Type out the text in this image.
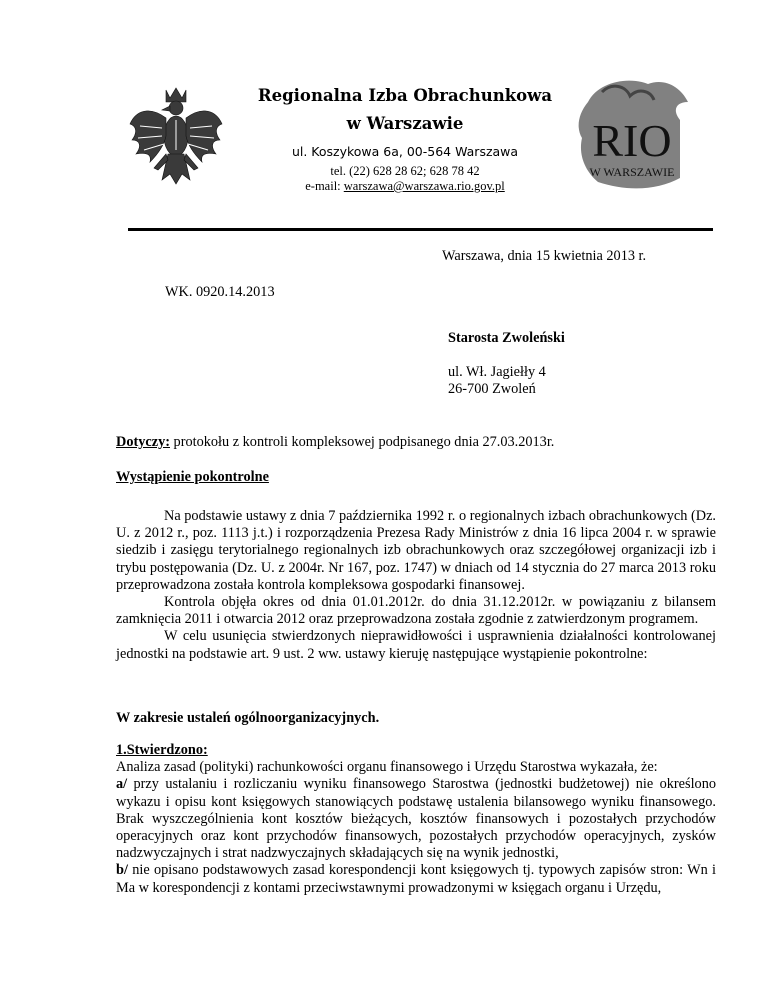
Regionalna Izba Obrachunkowa
w Warszawie
ul. Koszykowa 6a, 00-564 Warszawa
tel. (22) 628 28 62; 628 78 42
e-mail: warszawa@warszawa.rio.gov.pl
RIO
W WARSZAWIE
Warszawa, dnia 15 kwietnia 2013 r.
WK. 0920.14.2013
Starosta Zwoleński
ul. Wł. Jagiełły 4
26-700 Zwoleń
Dotyczy: protokołu z kontroli kompleksowej podpisanego dnia 27.03.2013r.
Wystąpienie pokontrolne

Na podstawie ustawy z dnia 7 października 1992 r. o regionalnych izbach obrachunkowych (Dz. U. z 2012 r., poz. 1113 j.t.) i rozporządzenia Prezesa Rady Ministrów z dnia 16 lipca 2004 r. w sprawie siedzib i zasięgu terytorialnego regionalnych izb obrachunkowych oraz szczegółowej organizacji izb i trybu postępowania (Dz. U. z 2004r. Nr 167, poz. 1747) w dniach od 14 stycznia do 27 marca 2013 roku przeprowadzona została kontrola kompleksowa gospodarki finansowej.

Kontrola objęła okres od dnia 01.01.2012r. do dnia 31.12.2012r. w powiązaniu z bilansem zamknięcia 2011 i otwarcia 2012 oraz przeprowadzona została zgodnie z zatwierdzonym programem.

W celu usunięcia stwierdzonych nieprawidłowości i usprawnienia działalności kontrolowanej jednostki na podstawie art. 9 ust. 2 ww. ustawy kieruję następujące wystąpienie pokontrolne:

W zakresie ustaleń ogólnoorganizacyjnych.

1.Stwierdzono:

Analiza zasad (polityki) rachunkowości organu finansowego i Urzędu Starostwa wykazała, że:

a/ przy ustalaniu i rozliczaniu wyniku finansowego Starostwa (jednostki budżetowej) nie określono wykazu i opisu kont księgowych stanowiących podstawę ustalenia bilansowego wyniku finansowego. Brak wyszczególnienia kont kosztów bieżących, kosztów finansowych i pozostałych przychodów operacyjnych oraz kont przychodów finansowych, pozostałych przychodów operacyjnych, zysków nadzwyczajnych i strat nadzwyczajnych składających się na wynik jednostki,

b/ nie opisano podstawowych zasad korespondencji kont księgowych tj. typowych zapisów stron: Wn i Ma w korespondencji z kontami przeciwstawnymi prowadzonymi w księgach organu i Urzędu,
